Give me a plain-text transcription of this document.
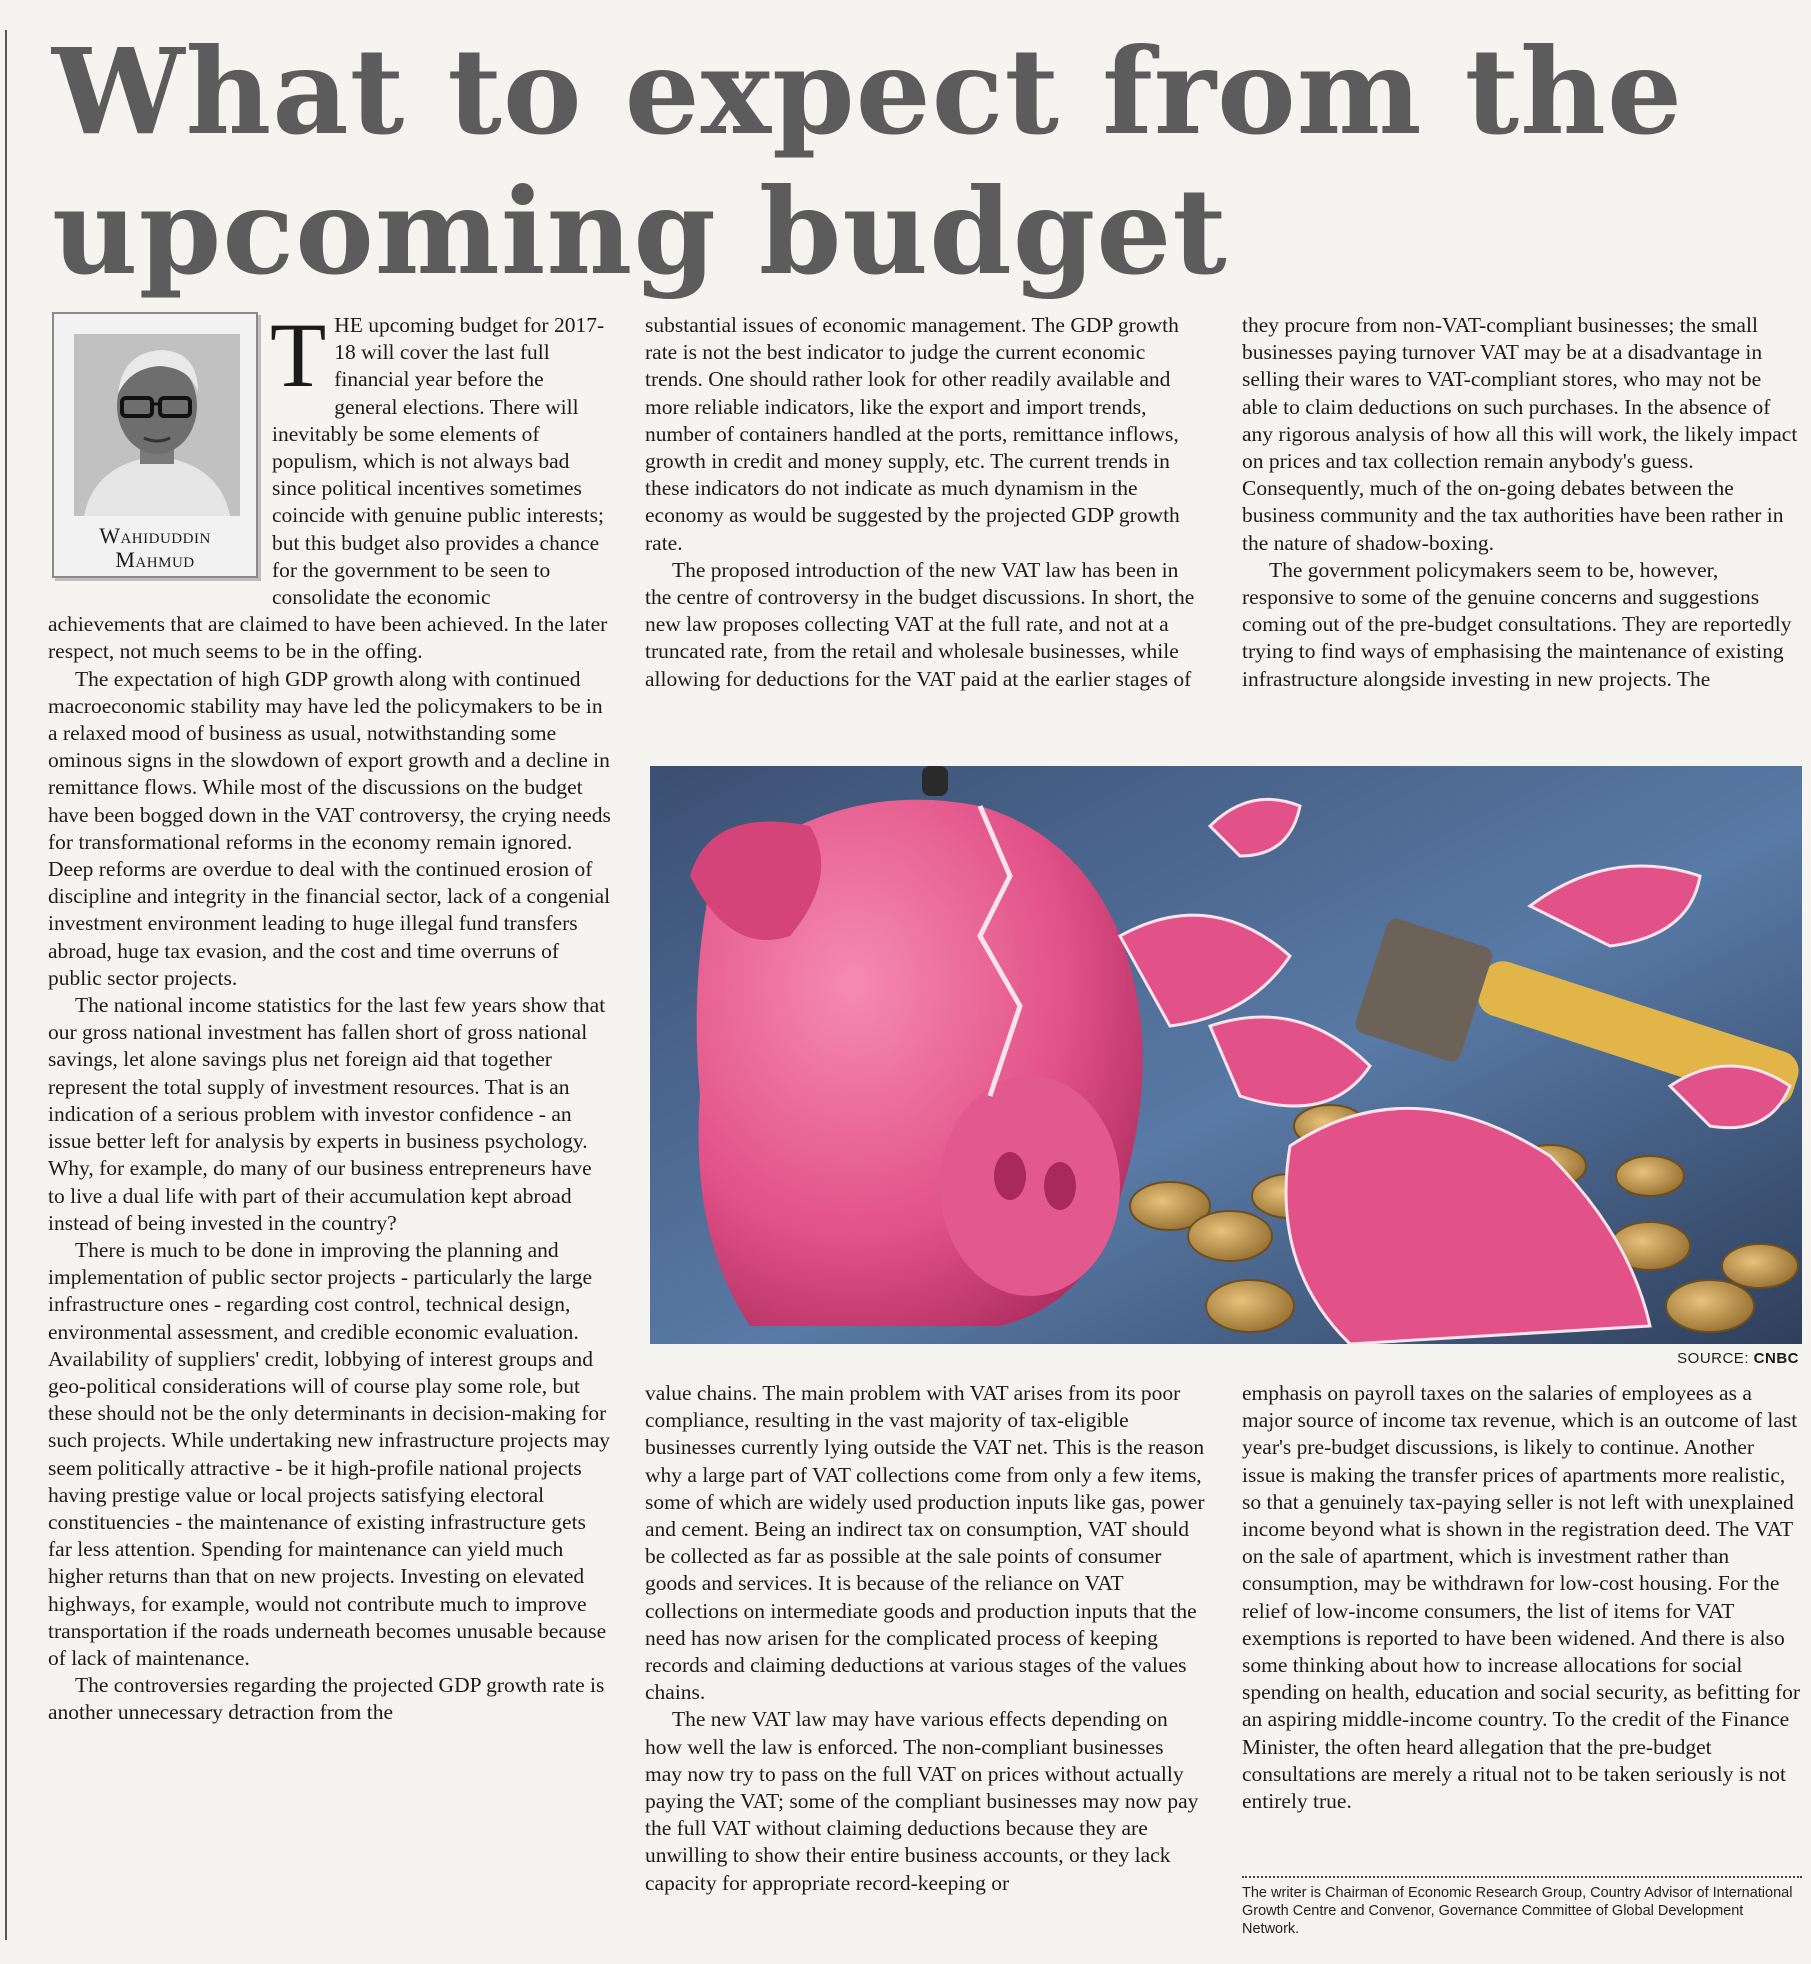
What to expect from the upcoming budget
Wahiduddin
Mahmud
T HE upcoming budget for 2017-18 will cover the last full financial year before the general elections. There will inevitably be some elements of populism, which is not always bad since political incentives sometimes coincide with genuine public interests; but this budget also provides a chance for the government to be seen to consolidate the economic achievements that are claimed to have been achieved. In the later respect, not much seems to be in the offing.

The expectation of high GDP growth along with continued macroeconomic stability may have led the policymakers to be in a relaxed mood of business as usual, notwithstanding some ominous signs in the slowdown of export growth and a decline in remittance flows. While most of the discussions on the budget have been bogged down in the VAT controversy, the crying needs for transformational reforms in the economy remain ignored. Deep reforms are overdue to deal with the continued erosion of discipline and integrity in the financial sector, lack of a congenial investment environment leading to huge illegal fund transfers abroad, huge tax evasion, and the cost and time overruns of public sector projects.

The national income statistics for the last few years show that our gross national investment has fallen short of gross national savings, let alone savings plus net foreign aid that together represent the total supply of investment resources. That is an indication of a serious problem with investor confidence - an issue better left for analysis by experts in business psychology. Why, for example, do many of our business entrepreneurs have to live a dual life with part of their accumulation kept abroad instead of being invested in the country?

There is much to be done in improving the planning and implementation of public sector projects - particularly the large infrastructure ones - regarding cost control, technical design, environmental assessment, and credible economic evaluation. Availability of suppliers' credit, lobbying of interest groups and geo-political considerations will of course play some role, but these should not be the only determinants in decision-making for such projects. While undertaking new infrastructure projects may seem politically attractive - be it high-profile national projects having prestige value or local projects satisfying electoral constituencies - the maintenance of existing infrastructure gets far less attention. Spending for maintenance can yield much higher returns than that on new projects. Investing on elevated highways, for example, would not contribute much to improve transportation if the roads underneath becomes unusable because of lack of maintenance.

The controversies regarding the projected GDP growth rate is another unnecessary detraction from the

substantial issues of economic management. The GDP growth rate is not the best indicator to judge the current economic trends. One should rather look for other readily available and more reliable indicators, like the export and import trends, number of containers handled at the ports, remittance inflows, growth in credit and money supply, etc. The current trends in these indicators do not indicate as much dynamism in the economy as would be suggested by the projected GDP growth rate.

The proposed introduction of the new VAT law has been in the centre of controversy in the budget discussions. In short, the new law proposes collecting VAT at the full rate, and not at a truncated rate, from the retail and wholesale businesses, while allowing for deductions for the VAT paid at the earlier stages of

they procure from non-VAT-compliant businesses; the small businesses paying turnover VAT may be at a disadvantage in selling their wares to VAT-compliant stores, who may not be able to claim deductions on such purchases. In the absence of any rigorous analysis of how all this will work, the likely impact on prices and tax collection remain anybody's guess. Consequently, much of the on-going debates between the business community and the tax authorities have been rather in the nature of shadow-boxing.

The government policymakers seem to be, however, responsive to some of the genuine concerns and suggestions coming out of the pre-budget consultations. They are reportedly trying to find ways of emphasising the maintenance of existing infrastructure alongside investing in new projects. The

SOURCE: CNBC

value chains. The main problem with VAT arises from its poor compliance, resulting in the vast majority of tax-eligible businesses currently lying outside the VAT net. This is the reason why a large part of VAT collections come from only a few items, some of which are widely used production inputs like gas, power and cement. Being an indirect tax on consumption, VAT should be collected as far as possible at the sale points of consumer goods and services. It is because of the reliance on VAT collections on intermediate goods and production inputs that the need has now arisen for the complicated process of keeping records and claiming deductions at various stages of the values chains.

The new VAT law may have various effects depending on how well the law is enforced. The non-compliant businesses may now try to pass on the full VAT on prices without actually paying the VAT; some of the compliant businesses may now pay the full VAT without claiming deductions because they are unwilling to show their entire business accounts, or they lack capacity for appropriate record-keeping or

emphasis on payroll taxes on the salaries of employees as a major source of income tax revenue, which is an outcome of last year's pre-budget discussions, is likely to continue. Another issue is making the transfer prices of apartments more realistic, so that a genuinely tax-paying seller is not left with unexplained income beyond what is shown in the registration deed. The VAT on the sale of apartment, which is investment rather than consumption, may be withdrawn for low-cost housing. For the relief of low-income consumers, the list of items for VAT exemptions is reported to have been widened. And there is also some thinking about how to increase allocations for social spending on health, education and social security, as befitting for an aspiring middle-income country. To the credit of the Finance Minister, the often heard allegation that the pre-budget consultations are merely a ritual not to be taken seriously is not entirely true.

The writer is Chairman of Economic Research Group, Country Advisor of International Growth Centre and Convenor, Governance Committee of Global Development Network.
